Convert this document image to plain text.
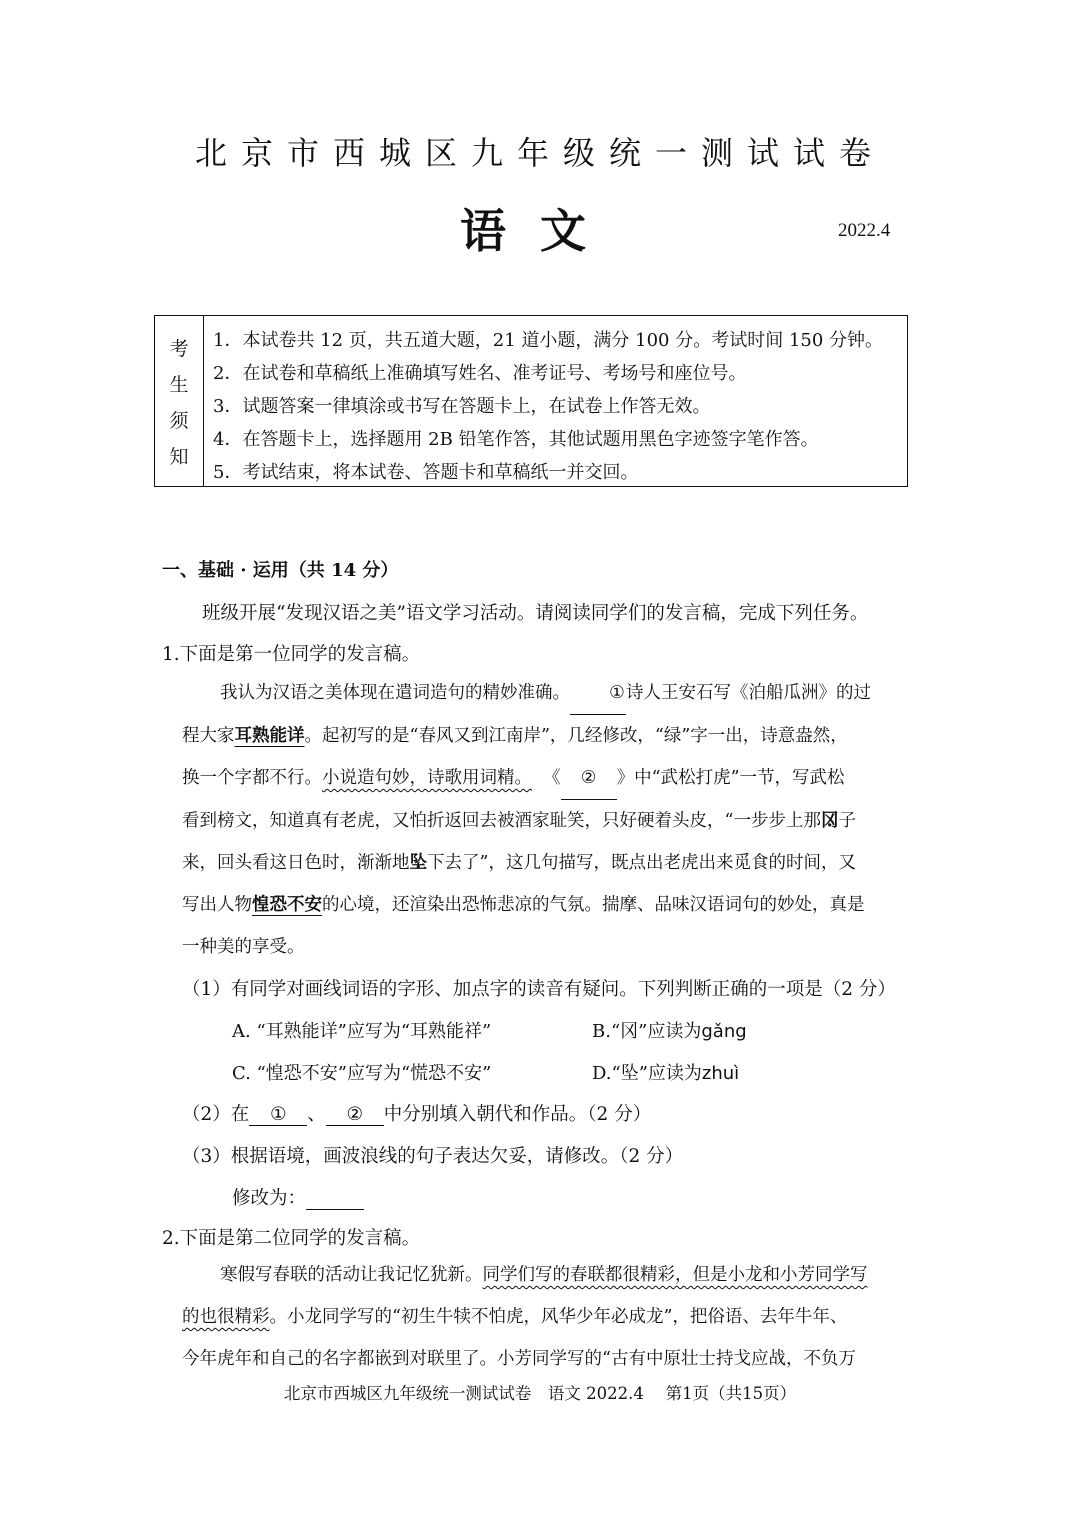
北京市西城区九年级统一测试试卷
语文	2022.4
考
生
须
知
1．本试卷共 12 页，共五道大题，21 道小题，满分 100 分。考试时间 150 分钟。
2．在试卷和草稿纸上准确填写姓名、准考证号、考场号和座位号。
3．试题答案一律填涂或书写在答题卡上，在试卷上作答无效。
4．在答题卡上，选择题用 2B 铅笔作答，其他试题用黑色字迹签字笔作答。
5．考试结束，将本试卷、答题卡和草稿纸一并交回。
一、基础 · 运用（共 14 分）
班级开展“发现汉语之美”语文学习活动。请阅读同学们的发言稿，完成下列任务。
1.下面是第一位同学的发言稿。
我认为汉语之美体现在遣词造句的精妙准确。 ①诗人王安石写《泊船瓜洲》的过
程大家耳熟能详。起初写的是“春风又到江南岸”，几经修改，“绿”字一出，诗意盎然，
换一个字都不行。小说造句妙，诗歌用词精。 《 ② 》中“武松打虎”一节，写武松
看到榜文，知道真有老虎，又怕折返回去被酒家耻笑，只好硬着头皮，“一步步上那冈子
来，回头看这日色时，渐渐地坠下去了”，这几句描写，既点出老虎出来觅食的时间，又
写出人物惶恐不安的心境，还渲染出恐怖悲凉的气氛。揣摩、品味汉语词句的妙处，真是
一种美的享受。
（1）有同学对画线词语的字形、加点字的读音有疑问。下列判断正确的一项是（2 分）
A. “耳熟能详”应写为“耳熟能祥”	B.“冈”应读为gǎng
C. “惶恐不安”应写为“慌恐不安”	D.“坠”应读为zhuì
（2）在 ① 、 ② 中分别填入朝代和作品。（2 分）
（3）根据语境，画波浪线的句子表达欠妥，请修改。（2 分）
修改为：
2.下面是第二位同学的发言稿。
寒假写春联的活动让我记忆犹新。同学们写的春联都很精彩，但是小龙和小芳同学写
的也很精彩。小龙同学写的“初生牛犊不怕虎，风华少年必成龙”，把俗语、去年牛年、
今年虎年和自己的名字都嵌到对联里了。小芳同学写的“古有中原壮士持戈应战，不负万
北京市西城区九年级统一测试试卷　语文 2022.4　 第1页（共15页）
